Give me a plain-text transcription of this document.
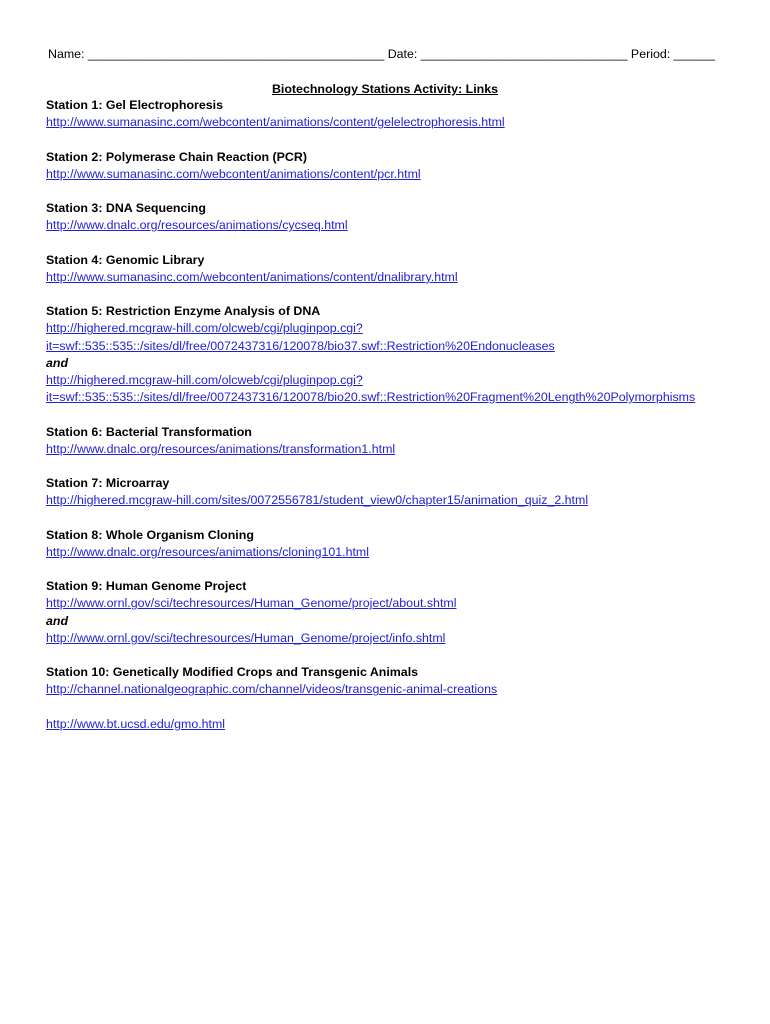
Name: ___________________________________________ Date: ______________________________ Period: ______
Biotechnology Stations Activity: Links
Station 1: Gel Electrophoresis
http://www.sumanasinc.com/webcontent/animations/content/gelelectrophoresis.html
Station 2: Polymerase Chain Reaction (PCR)
http://www.sumanasinc.com/webcontent/animations/content/pcr.html
Station 3: DNA Sequencing
http://www.dnalc.org/resources/animations/cycseq.html
Station 4: Genomic Library
http://www.sumanasinc.com/webcontent/animations/content/dnalibrary.html
Station 5: Restriction Enzyme Analysis of DNA
http://highered.mcgraw-hill.com/olcweb/cgi/pluginpop.cgi?
it=swf::535::535::/sites/dl/free/0072437316/120078/bio37.swf::Restriction%20Endonucleases
and
http://highered.mcgraw-hill.com/olcweb/cgi/pluginpop.cgi?
it=swf::535::535::/sites/dl/free/0072437316/120078/bio20.swf::Restriction%20Fragment%20Length%20Polymorphisms
Station 6: Bacterial Transformation
http://www.dnalc.org/resources/animations/transformation1.html
Station 7: Microarray
http://highered.mcgraw-hill.com/sites/0072556781/student_view0/chapter15/animation_quiz_2.html
Station 8: Whole Organism Cloning
http://www.dnalc.org/resources/animations/cloning101.html
Station 9: Human Genome Project
http://www.ornl.gov/sci/techresources/Human_Genome/project/about.shtml
and
http://www.ornl.gov/sci/techresources/Human_Genome/project/info.shtml
Station 10: Genetically Modified Crops and Transgenic Animals
http://channel.nationalgeographic.com/channel/videos/transgenic-animal-creations
http://www.bt.ucsd.edu/gmo.html
